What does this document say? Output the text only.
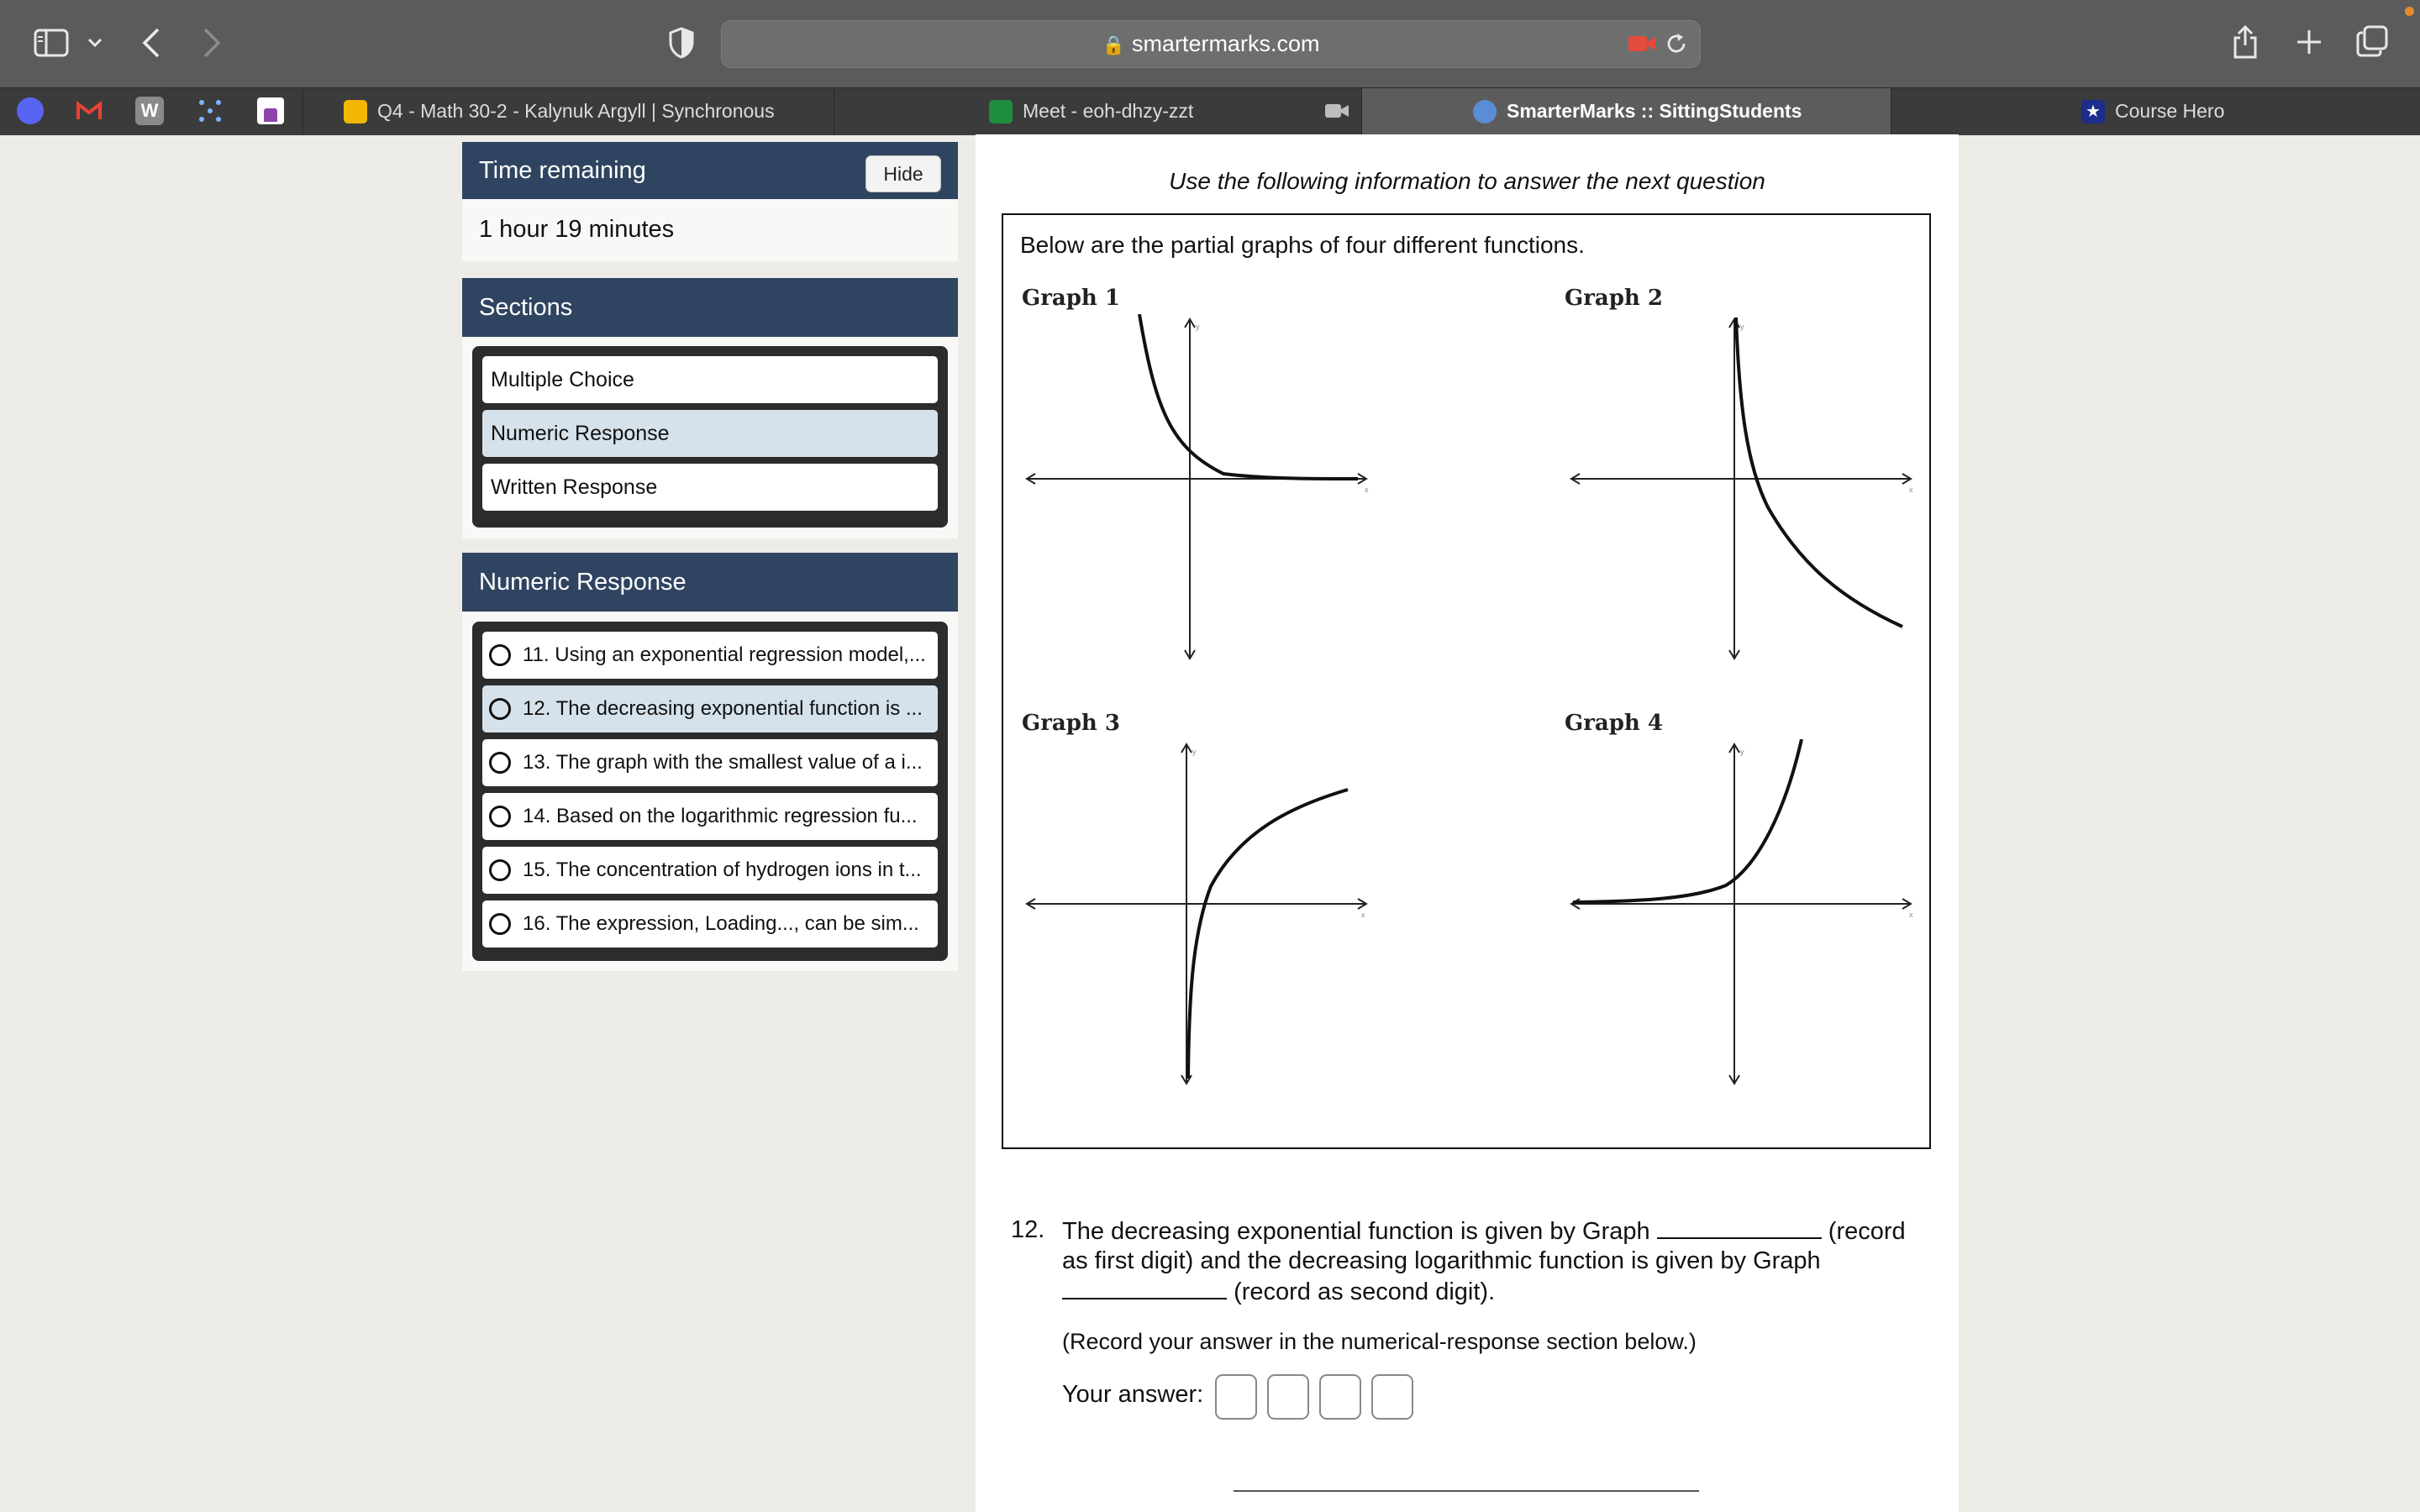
🔒 smartermarks.com
W	Q4 - Math 30-2 - Kalynuk Argyll | Synchronous	Meet - eoh-dhzy-zzt	SmarterMarks :: SittingStudents	★ Course Hero
Time remaining	Hide
1 hour 19 minutes
Sections
Multiple Choice
Numeric Response
Written Response
Numeric Response
11. Using an exponential regression model,...
12. The decreasing exponential function is ...
13. The graph with the smallest value of a i...
14. Based on the logarithmic regression fu...
15. The concentration of hydrogen ions in t...
16. The expression, Loading..., can be sim...
Use the following information to answer the next question
Below are the partial graphs of four different functions.
Graph 1
y
x
Graph 2
y
x
Graph 3
y
x
Graph 4
y
x
12. The decreasing exponential function is given by Graph	(record as first digit) and the decreasing logarithmic function is given by Graph
(record as second digit).
(Record your answer in the numerical-response section below.)
Your answer:
